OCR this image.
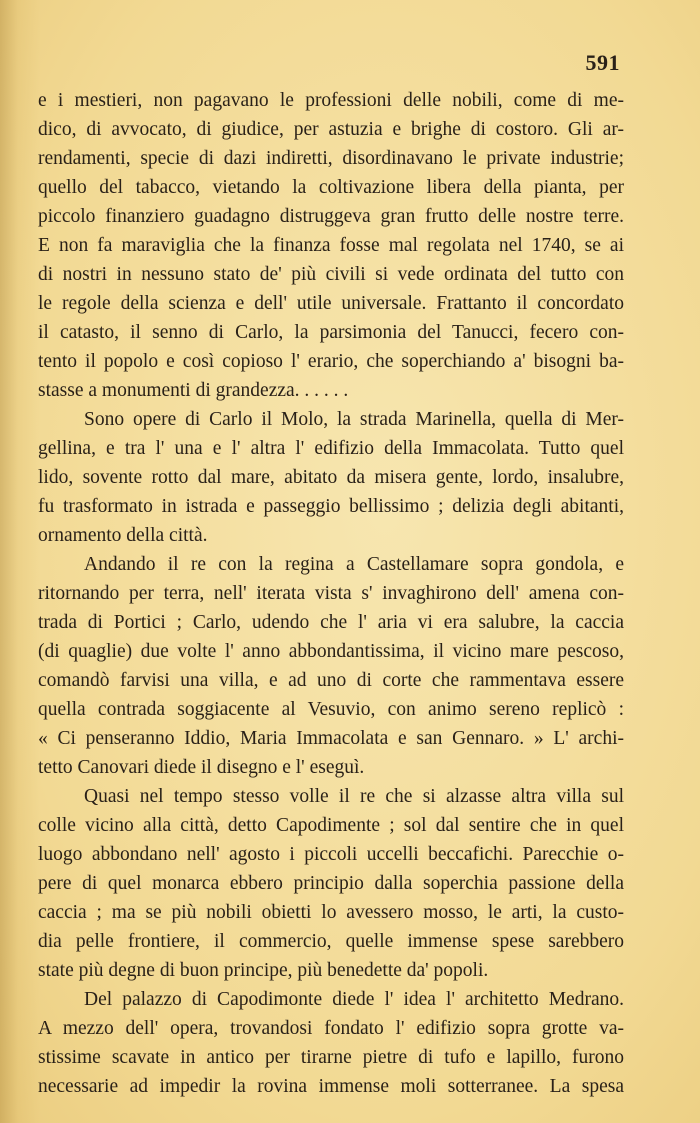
591

e i mestieri, non pagavano le professioni delle nobili, come di me-
dico, di avvocato, di giudice, per astuzia e brighe di costoro. Gli ar-
rendamenti, specie di dazi indiretti, disordinavano le private industrie;
quello del tabacco, vietando la coltivazione libera della pianta, per
piccolo finanziero guadagno distruggeva gran frutto delle nostre terre.
E non fa maraviglia che la finanza fosse mal regolata nel 1740, se ai
di nostri in nessuno stato de' più civili si vede ordinata del tutto con
le regole della scienza e dell' utile universale. Frattanto il concordato
il catasto, il senno di Carlo, la parsimonia del Tanucci, fecero con-
tento il popolo e così copioso l' erario, che soperchiando a' bisogni ba-
stasse a monumenti di grandezza. . . . . .

Sono opere di Carlo il Molo, la strada Marinella, quella di Mer-
gellina, e tra l' una e l' altra l' edifizio della Immacolata. Tutto quel
lido, sovente rotto dal mare, abitato da misera gente, lordo, insalubre,
fu trasformato in istrada e passeggio bellissimo ; delizia degli abitanti,
ornamento della città.

Andando il re con la regina a Castellamare sopra gondola, e
ritornando per terra, nell' iterata vista s' invaghirono dell' amena con-
trada di Portici ; Carlo, udendo che l' aria vi era salubre, la caccia
(di quaglie) due volte l' anno abbondantissima, il vicino mare pescoso,
comandò farvisi una villa, e ad uno di corte che rammentava essere
quella contrada soggiacente al Vesuvio, con animo sereno replicò :
« Ci penseranno Iddio, Maria Immacolata e san Gennaro. » L' archi-
tetto Canovari diede il disegno e l' eseguì.

Quasi nel tempo stesso volle il re che si alzasse altra villa sul
colle vicino alla città, detto Capodimente ; sol dal sentire che in quel
luogo abbondano nell' agosto i piccoli uccelli beccafichi. Parecchie o-
pere di quel monarca ebbero principio dalla soperchia passione della
caccia ; ma se più nobili obietti lo avessero mosso, le arti, la custo-
dia pelle frontiere, il commercio, quelle immense spese sarebbero
state più degne di buon principe, più benedette da' popoli.

Del palazzo di Capodimonte diede l' idea l' architetto Medrano.
A mezzo dell' opera, trovandosi fondato l' edifizio sopra grotte va-
stissime scavate in antico per tirarne pietre di tufo e lapillo, furono
necessarie ad impedir la rovina immense moli sotterranee. La spesa
